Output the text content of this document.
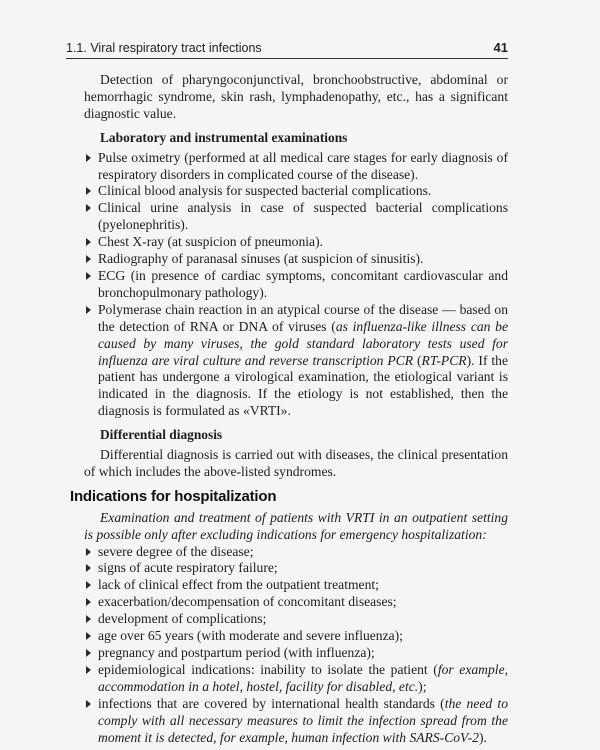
1.1. Viral respiratory tract infections	41

Detection of pharyngoconjunctival, bronchoobstructive, abdominal or hemorrhagic syndrome, skin rash, lymphadenopathy, etc., has a significant diagnostic value.

Laboratory and instrumental examinations
Pulse oximetry (performed at all medical care stages for early diagnosis of respiratory disorders in complicated course of the disease).
Clinical blood analysis for suspected bacterial complications.
Clinical urine analysis in case of suspected bacterial complications (pyelonephritis).
Chest X-ray (at suspicion of pneumonia).
Radiography of paranasal sinuses (at suspicion of sinusitis).
ECG (in presence of cardiac symptoms, concomitant cardiovascular and bronchopulmonary pathology).
Polymerase chain reaction in an atypical course of the disease — based on the detection of RNA or DNA of viruses (as influenza-like illness can be caused by many viruses, the gold standard laboratory tests used for influenza are viral culture and reverse transcription PCR (RT-PCR). If the patient has undergone a virological examination, the etiological variant is indicated in the diagnosis. If the etiology is not established, then the diagnosis is formulated as «VRTI».
Differential diagnosis

Differential diagnosis is carried out with diseases, the clinical presentation of which includes the above-listed syndromes.

Indications for hospitalization

Examination and treatment of patients with VRTI in an outpatient setting is possible only after excluding indications for emergency hospitalization:

severe degree of the disease;
signs of acute respiratory failure;
lack of clinical effect from the outpatient treatment;
exacerbation/decompensation of concomitant diseases;
development of complications;
age over 65 years (with moderate and severe influenza);
pregnancy and postpartum period (with influenza);
epidemiological indications: inability to isolate the patient (for example, accommodation in a hotel, hostel, facility for disabled, etc.);
infections that are covered by international health standards (the need to comply with all necessary measures to limit the infection spread from the moment it is detected, for example, human infection with SARS-CoV-2).
